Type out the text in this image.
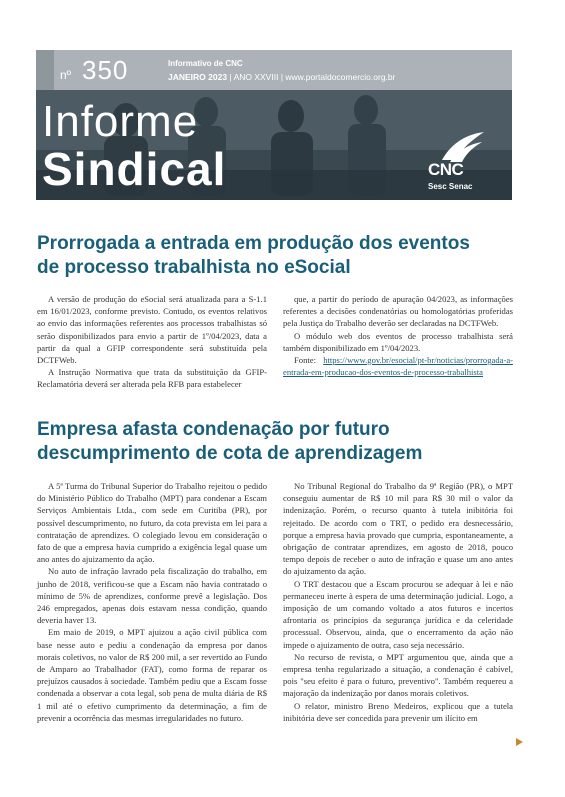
nº 350	Informativo de CNC
JANEIRO 2023 | ANO XXVIII | www.portaldocomercio.org.br
Informe
Sindical	CNC
Sesc Senac
Prorrogada a entrada em produção dos eventos
de processo trabalhista no eSocial

A versão de produção do eSocial será atualizada para a S-1.1 em 16/01/2023, conforme previsto. Contudo, os eventos relativos ao envio das informações referentes aos processos trabalhistas só serão disponibilizados para envio a partir de 1º/04/2023, data a partir da qual a GFIP correspondente será substituída pela DCTFWeb.

A Instrução Normativa que trata da substituição da GFIP-Reclamatória deverá ser alterada pela RFB para estabelecer

que, a partir do período de apuração 04/2023, as informações referentes a decisões condenatórias ou homologatórias proferidas pela Justiça do Trabalho deverão ser declaradas na DCTFWeb.

O módulo web dos eventos de processo trabalhista será também disponibilizado em 1º/04/2023.

Fonte: https://www.gov.br/esocial/pt-br/noticias/prorrogada-a-entrada-em-producao-dos-eventos-de-processo-trabalhista

Empresa afasta condenação por futuro
descumprimento de cota de aprendizagem

A 5ª Turma do Tribunal Superior do Trabalho rejeitou o pedido do Ministério Público do Trabalho (MPT) para condenar a Escam Serviços Ambientais Ltda., com sede em Curitiba (PR), por possível descumprimento, no futuro, da cota prevista em lei para a contratação de aprendizes. O colegiado levou em consideração o fato de que a empresa havia cumprido a exigência legal quase um ano antes do ajuizamento da ação.

No auto de infração lavrado pela fiscalização do trabalho, em junho de 2018, verificou-se que a Escam não havia contratado o mínimo de 5% de aprendizes, conforme prevê a legislação. Dos 246 empregados, apenas dois estavam nessa condição, quando deveria haver 13.

Em maio de 2019, o MPT ajuizou a ação civil pública com base nesse auto e pediu a condenação da empresa por danos morais coletivos, no valor de R$ 200 mil, a ser revertido ao Fundo de Amparo ao Trabalhador (FAT), como forma de reparar os prejuízos causados à sociedade. Também pediu que a Escam fosse condenada a observar a cota legal, sob pena de multa diária de R$ 1 mil até o efetivo cumprimento da determinação, a fim de prevenir a ocorrência das mesmas irregularidades no futuro.

No Tribunal Regional do Trabalho da 9ª Região (PR), o MPT conseguiu aumentar de R$ 10 mil para R$ 30 mil o valor da indenização. Porém, o recurso quanto à tutela inibitória foi rejeitado. De acordo com o TRT, o pedido era desnecessário, porque a empresa havia provado que cumpria, espontaneamente, a obrigação de contratar aprendizes, em agosto de 2018, pouco tempo depois de receber o auto de infração e quase um ano antes do ajuizamento da ação.

O TRT destacou que a Escam procurou se adequar à lei e não permaneceu inerte à espera de uma determinação judicial. Logo, a imposição de um comando voltado a atos futuros e incertos afrontaria os princípios da segurança jurídica e da celeridade processual. Observou, ainda, que o encerramento da ação não impede o ajuizamento de outra, caso seja necessário.

No recurso de revista, o MPT argumentou que, ainda que a empresa tenha regularizado a situação, a condenação é cabível, pois "seu efeito é para o futuro, preventivo". Também requereu a majoração da indenização por danos morais coletivos.

O relator, ministro Breno Medeiros, explicou que a tutela inibitória deve ser concedida para prevenir um ilícito em
